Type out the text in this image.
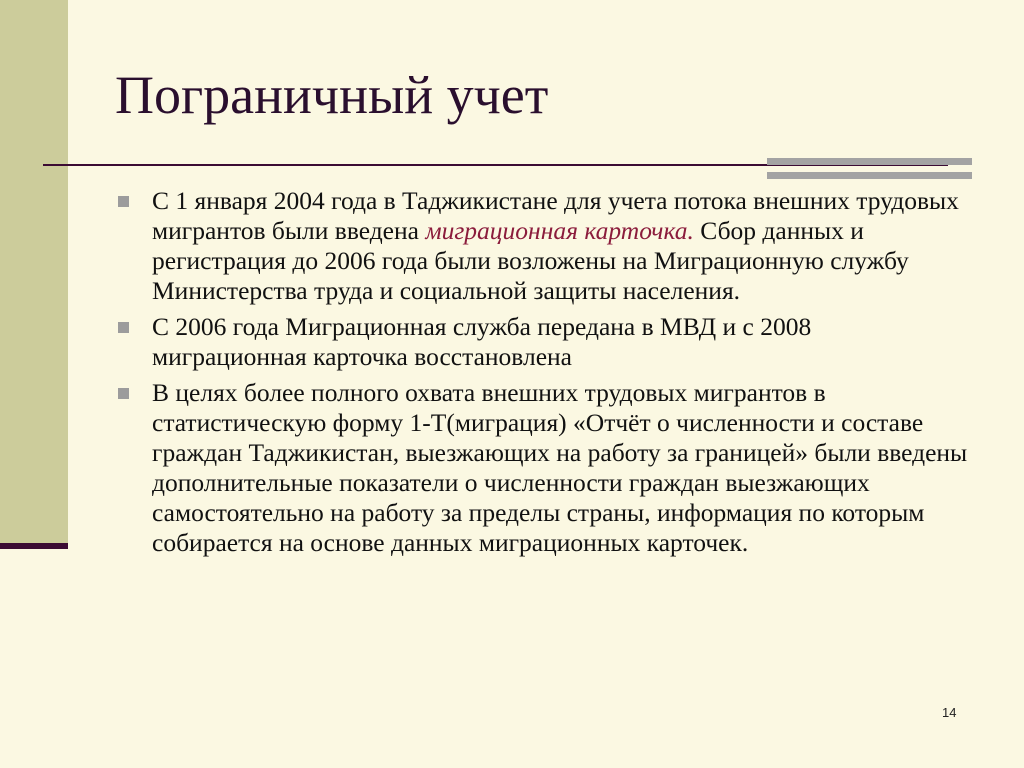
Пограничный учет
С 1 января 2004 года в Таджикистане для учета потока внешних трудовых мигрантов были введена миграционная карточка. Сбор данных и регистрация до 2006 года были возложены на Миграционную службу Министерства труда и социальной защиты населения.
С 2006 года Миграционная служба передана в МВД и с 2008 миграционная карточка восстановлена
В целях более полного охвата внешних трудовых мигрантов в статистическую форму 1-Т(миграция) «Отчёт о численности и составе граждан Таджикистан, выезжающих на работу за границей» были введены дополнительные показатели о численности граждан выезжающих самостоятельно на работу за пределы страны, информация по которым собирается на основе данных миграционных карточек.
14
